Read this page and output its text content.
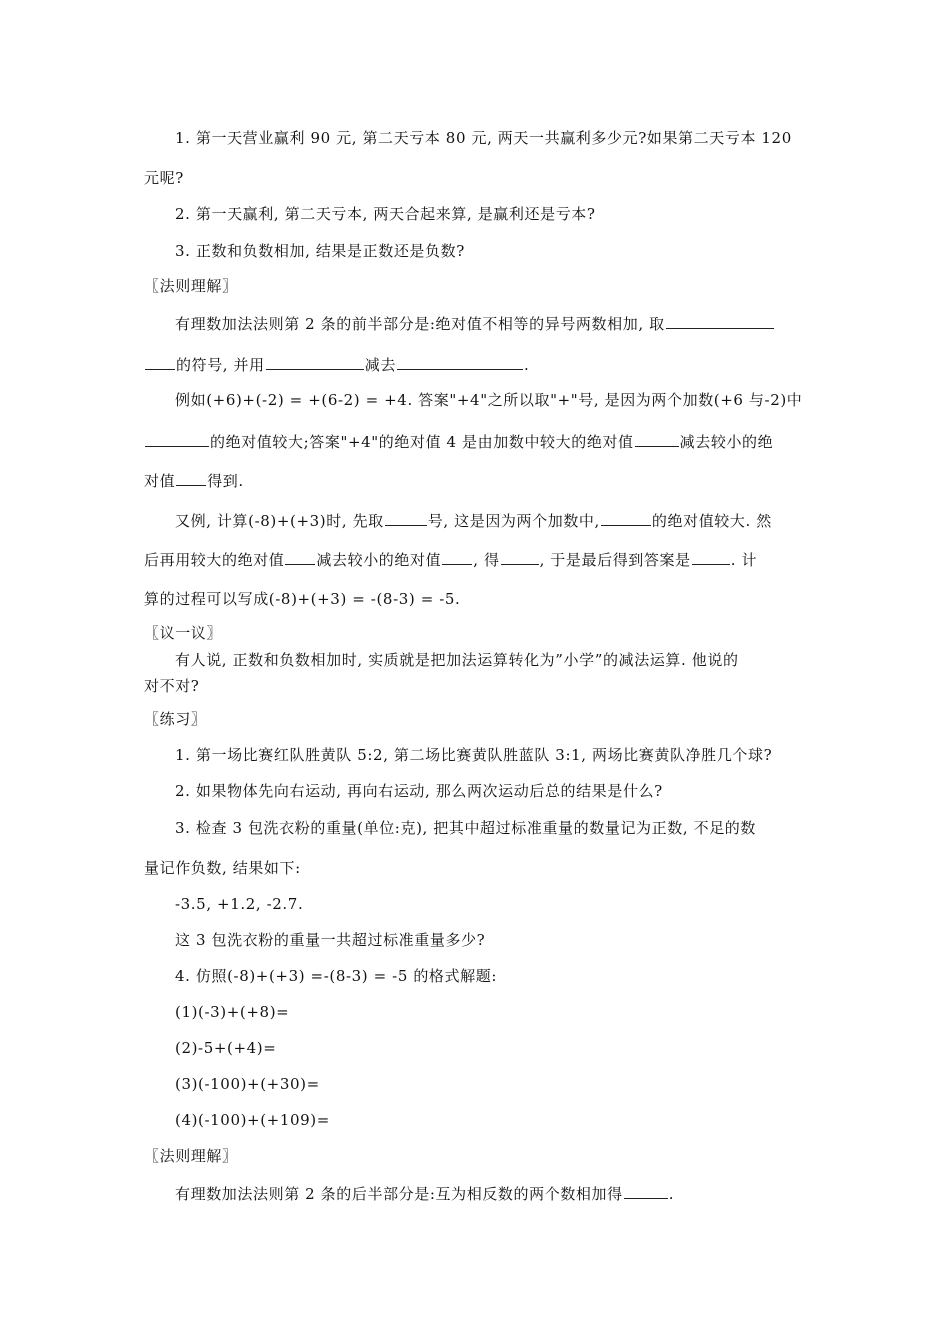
1. 第一天营业赢利 90 元, 第二天亏本 80 元, 两天一共赢利多少元?如果第二天亏本 120
元呢?
2. 第一天赢利, 第二天亏本, 两天合起来算, 是赢利还是亏本?
3. 正数和负数相加, 结果是正数还是负数?
〖法则理解〗
有理数加法法则第 2 条的前半部分是:绝对值不相等的异号两数相加, 取
的符号, 并用	减去	.
例如(+6)+(-2) = +(6-2) = +4. 答案"+4"之所以取"+"号, 是因为两个加数(+6 与-2)中
的绝对值较大;答案"+4"的绝对值 4 是由加数中较大的绝对值	减去较小的绝
对值 得到.
又例, 计算(-8)+(+3)时, 先取	号, 这是因为两个加数中,	的绝对值较大. 然
后再用较大的绝对值 减去较小的绝对值 , 得	, 于是最后得到答案是	. 计
算的过程可以写成(-8)+(+3) = -(8-3) = -5.
〖议一议〗
有人说, 正数和负数相加时, 实质就是把加法运算转化为”小学”的减法运算. 他说的
对不对?
〖练习〗
1. 第一场比赛红队胜黄队 5:2, 第二场比赛黄队胜蓝队 3:1, 两场比赛黄队净胜几个球?
2. 如果物体先向右运动, 再向右运动, 那么两次运动后总的结果是什么?
3. 检查 3 包洗衣粉的重量(单位:克), 把其中超过标准重量的数量记为正数, 不足的数
量记作负数, 结果如下:
-3.5, +1.2, -2.7.
这 3 包洗衣粉的重量一共超过标准重量多少?
4. 仿照(-8)+(+3) =-(8-3) = -5 的格式解题:
(1)(-3)+(+8)=
(2)-5+(+4)=
(3)(-100)+(+30)=
(4)(-100)+(+109)=
〖法则理解〗
有理数加法法则第 2 条的后半部分是:互为相反数的两个数相加得	.
